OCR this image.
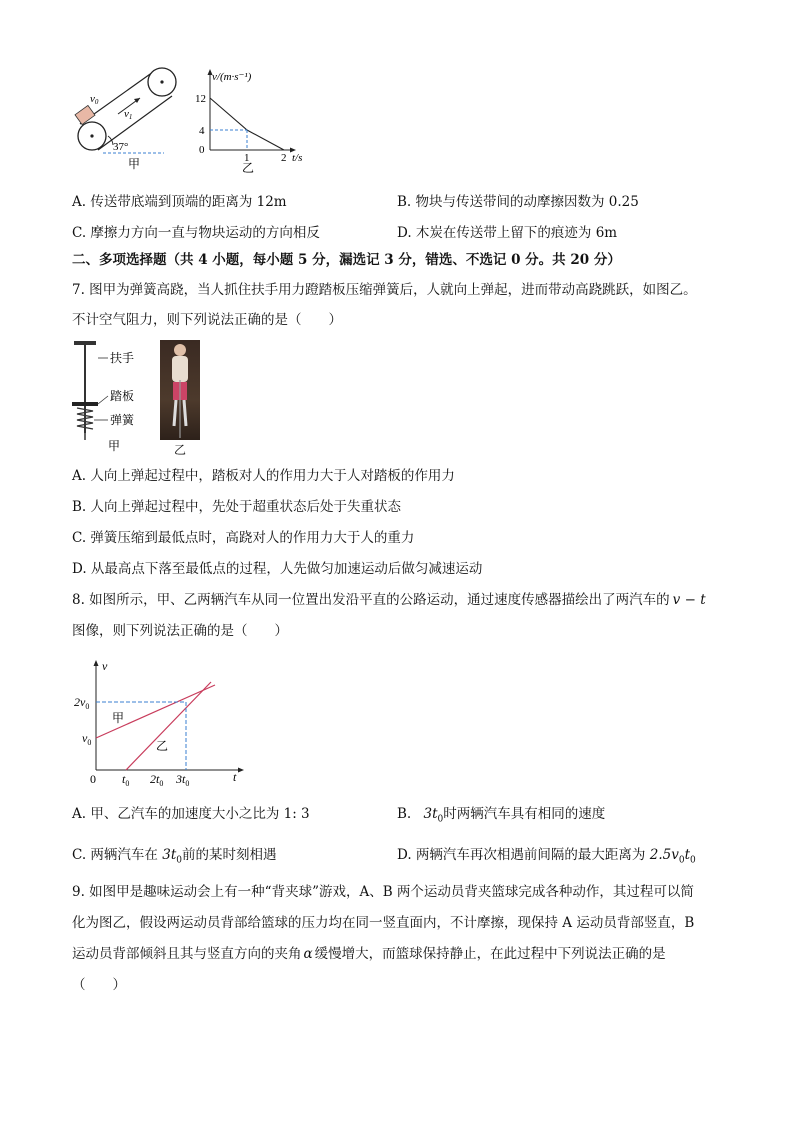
v0
v1
37°
甲
v/(m·s⁻¹)
12
4
0
1	2 t/s
乙
A. 传送带底端到顶端的距离为 12m	B. 物块与传送带间的动摩擦因数为 0.25
C. 摩擦力方向一直与物块运动的方向相反	D. 木炭在传送带上留下的痕迹为 6m
二、多项选择题（共 4 小题，每小题 5 分，漏选记 3 分，错选、不选记 0 分。共 20 分）
7. 图甲为弹簧高跷，当人抓住扶手用力蹬踏板压缩弹簧后，人就向上弹起，进而带动高跷跳跃，如图乙。
不计空气阻力，则下列说法正确的是（　　）
扶手
踏板
弹簧
甲	乙
A. 人向上弹起过程中，踏板对人的作用力大于人对踏板的作用力
B. 人向上弹起过程中，先处于超重状态后处于失重状态
C. 弹簧压缩到最低点时，高跷对人的作用力大于人的重力
D. 从最高点下落至最低点的过程，人先做匀加速运动后做匀减速运动
8. 如图所示，甲、乙两辆汽车从同一位置出发沿平直的公路运动，通过速度传感器描绘出了两汽车的 v − t
图像，则下列说法正确的是（　　）
v
$2v_0$
$v_0$
甲
乙
0 $t_0$ $2t_0$ $3t_0$	t
A. 甲、乙汽车的加速度大小之比为 1: 3	B. $3t_0$时两辆汽车具有相同的速度
C. 两辆汽车在 $3t_0$前的某时刻相遇	D. 两辆汽车再次相遇前间隔的最大距离为 $2.5v_0t_0$
9. 如图甲是趣味运动会上有一种“背夹球”游戏，A、B 两个运动员背夹篮球完成各种动作，其过程可以简
化为图乙，假设两运动员背部给篮球的压力均在同一竖直面内，不计摩擦，现保持 A 运动员背部竖直，B
运动员背部倾斜且其与竖直方向的夹角 α 缓慢增大，而篮球保持静止，在此过程中下列说法正确的是
（　　）
